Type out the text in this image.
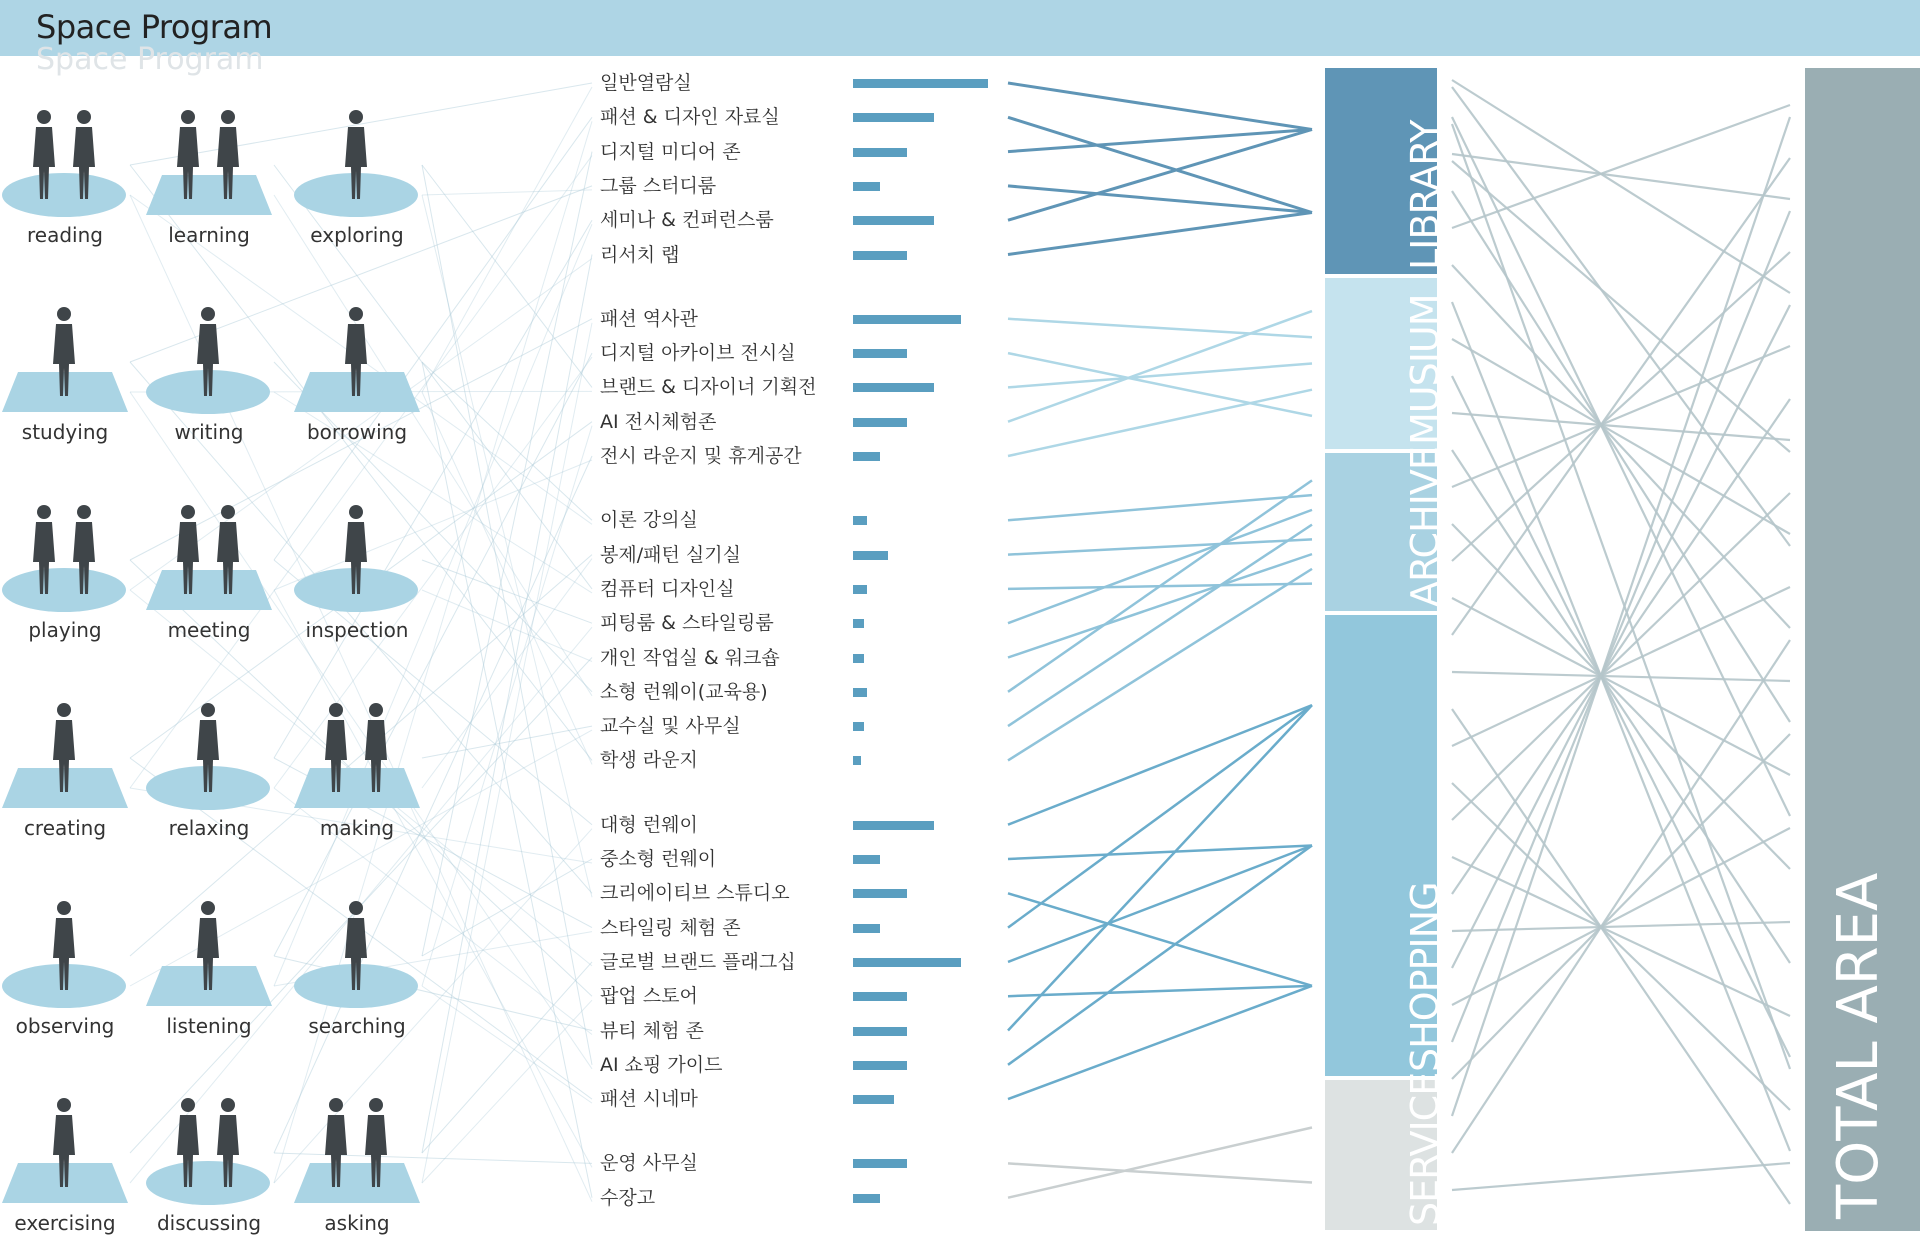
Space Program
Space Program
reading	learning	exploring
studying	writing	borrowing
playing	meeting	inspection
creating	relaxing	making
observing	listening	searching
exercising	discussing	asking
일반열람실
패션 & 디자인 자료실
디지털 미디어 존
그룹 스터디룸
세미나 & 컨퍼런스룸
리서치 랩
패션 역사관
디지털 아카이브 전시실
브랜드 & 디자이너 기획전
AI 전시체험존
전시 라운지 및 휴게공간
이론 강의실
봉제/패턴 실기실
컴퓨터 디자인실
피팅룸 & 스타일링룸
개인 작업실 & 워크숍
소형 런웨이(교육용)
교수실 및 사무실
학생 라운지
대형 런웨이
중소형 런웨이
크리에이티브 스튜디오
스타일링 체험 존
글로벌 브랜드 플래그십
팝업 스토어
뷰티 체험 존
AI 쇼핑 가이드
패션 시네마
운영 사무실
수장고
LIBRARY
MUSIUM
ARCHIVE
SHOPPING
SERVICE	TOTAL AREA
